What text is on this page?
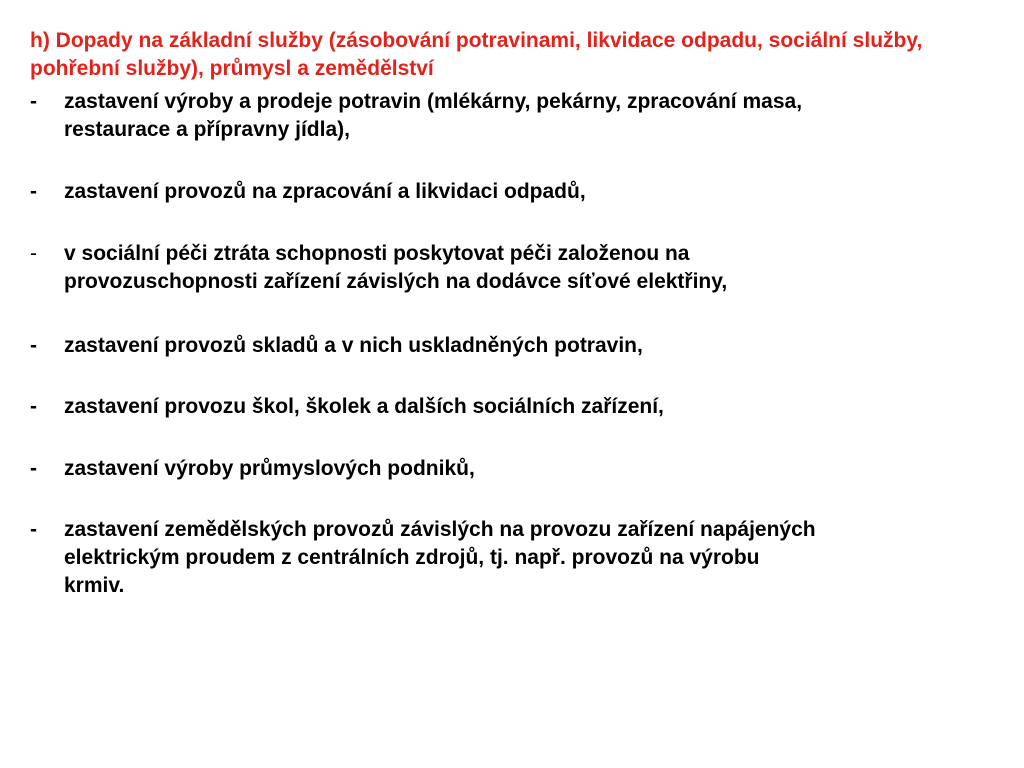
h) Dopady na základní služby (zásobování potravinami, likvidace odpadu, sociální služby, pohřební služby), průmysl a zemědělství

-	zastavení výroby a prodeje potravin (mlékárny, pekárny, zpracování masa,
restaurace a přípravny jídla),
-	zastavení provozů na zpracování a likvidaci odpadů,
-	v sociální péči ztráta schopnosti poskytovat péči založenou na
provozuschopnosti zařízení závislých na dodávce síťové elektřiny,
-	zastavení provozů skladů a v nich uskladněných potravin,
-	zastavení provozu škol, školek a dalších sociálních zařízení,
-	zastavení výroby průmyslových podniků,
-	zastavení zemědělských provozů závislých na provozu zařízení napájených
elektrickým proudem z centrálních zdrojů, tj. např. provozů na výrobu
krmiv.
